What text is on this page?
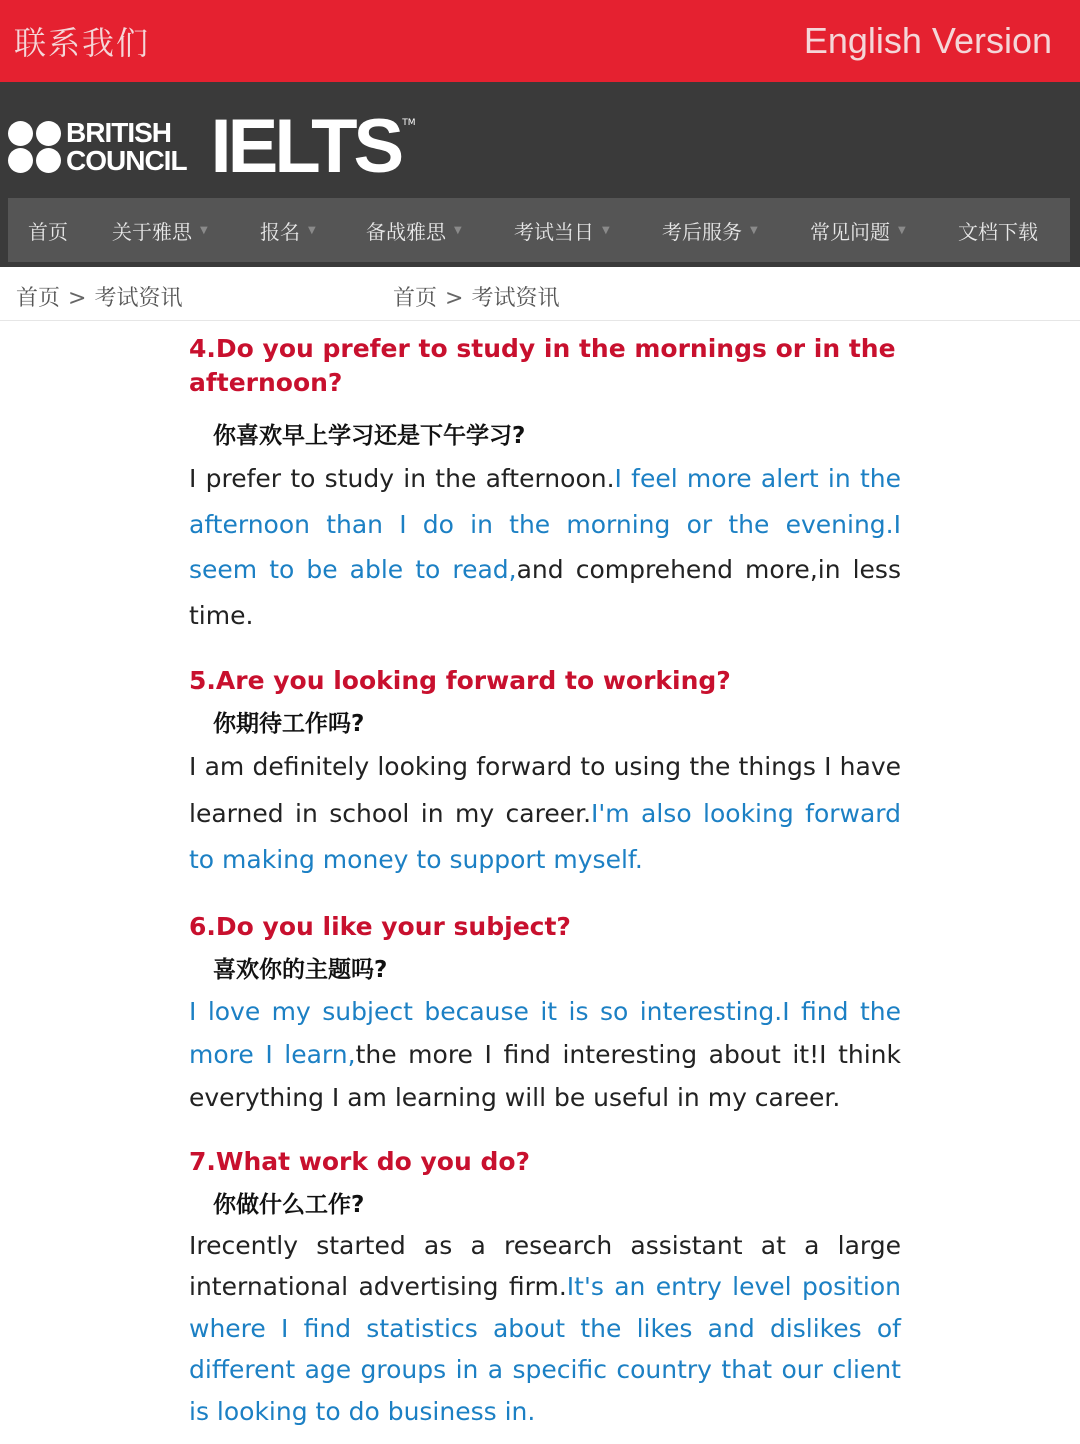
联系我们	English Version
BRITISH
COUNCIL IELTS TM
首页 关于雅思 ▼	报名 ▼	备战雅思 ▼	考试当日 ▼	考后服务 ▼	常见问题 ▼	文档下载
首页 > 考试资讯	首页 > 考试资讯
4.Do you prefer to study in the mornings or in the afternoon?
你喜欢早上学习还是下午学习?

I prefer to study in the afternoon.I feel more alert in the afternoon than I do in the morning or the evening.I seem to be able to read,and comprehend more,in less time.

5.Are you looking forward to working?
你期待工作吗?

I am definitely looking forward to using the things I have learned in school in my career.I'm also looking forward to making money to support myself.

6.Do you like your subject?
喜欢你的主题吗?

I love my subject because it is so interesting.I find the more I learn,the more I find interesting about it!I think everything I am learning will be useful in my career.

7.What work do you do?
你做什么工作?

Irecently started as a research assistant at a large international advertising firm.It's an entry level position where I find statistics about the likes and dislikes of different age groups in a specific country that our client is looking to do business in.
